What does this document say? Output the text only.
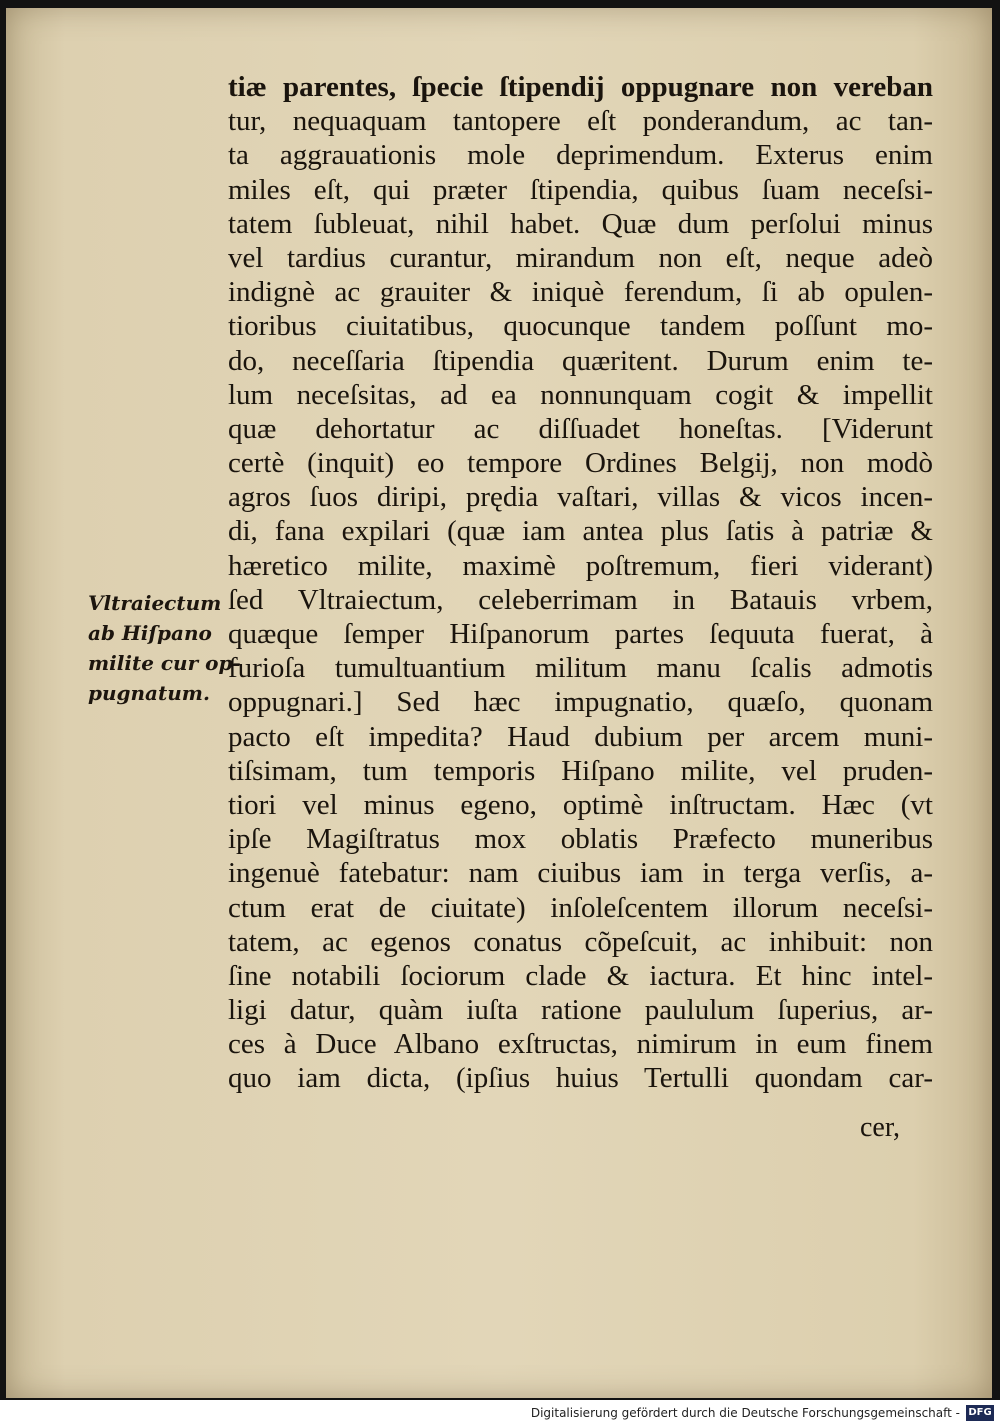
Vltraiectum
ab Hiſpano
milite cur op-
pugnatum.
tiæ parentes, ſpecie ſtipendij oppugnare non vereban
tur, nequaquam tantopere eſt ponderandum, ac tan-
ta aggrauationis mole deprimendum. Exterus enim
miles eſt, qui præter ſtipendia, quibus ſuam neceſsi-
tatem ſubleuat, nihil habet. Quæ dum perſolui minus
vel tardius curantur, mirandum non eſt, neque adeò
indignè ac grauiter & iniquè ferendum, ſi ab opulen-
tioribus ciuitatibus, quocunque tandem poſſunt mo-
do, neceſſaria ſtipendia quæritent. Durum enim te-
lum neceſsitas, ad ea nonnunquam cogit & impellit
quæ dehortatur ac diſſuadet honeſtas. [Viderunt
certè (inquit) eo tempore Ordines Belgij, non modò
agros ſuos diripi, prędia vaſtari, villas & vicos incen-
di, fana expilari (quæ iam antea plus ſatis à patriæ &
hæretico milite, maximè poſtremum, fieri viderant)
ſed Vltraiectum, celeberrimam in Batauis vrbem,
quæque ſemper Hiſpanorum partes ſequuta fuerat, à
furioſa tumultuantium militum manu ſcalis admotis
oppugnari.] Sed hæc impugnatio, quæſo, quonam
pacto eſt impedita? Haud dubium per arcem muni-
tiſsimam, tum temporis Hiſpano milite, vel pruden-
tiori vel minus egeno, optimè inſtructam. Hæc (vt
ipſe Magiſtratus mox oblatis Præfecto muneribus
ingenuè fatebatur: nam ciuibus iam in terga verſis, a-
ctum erat de ciuitate) inſoleſcentem illorum neceſsi-
tatem, ac egenos conatus cõpeſcuit, ac inhibuit: non
ſine notabili ſociorum clade & iactura. Et hinc intel-
ligi datur, quàm iuſta ratione paululum ſuperius, ar-
ces à Duce Albano exſtructas, nimirum in eum finem
quo iam dicta, (ipſius huius Tertulli quondam car-
cer,
Digitalisierung gefördert durch die Deutsche Forschungsgemeinschaft - DFG
